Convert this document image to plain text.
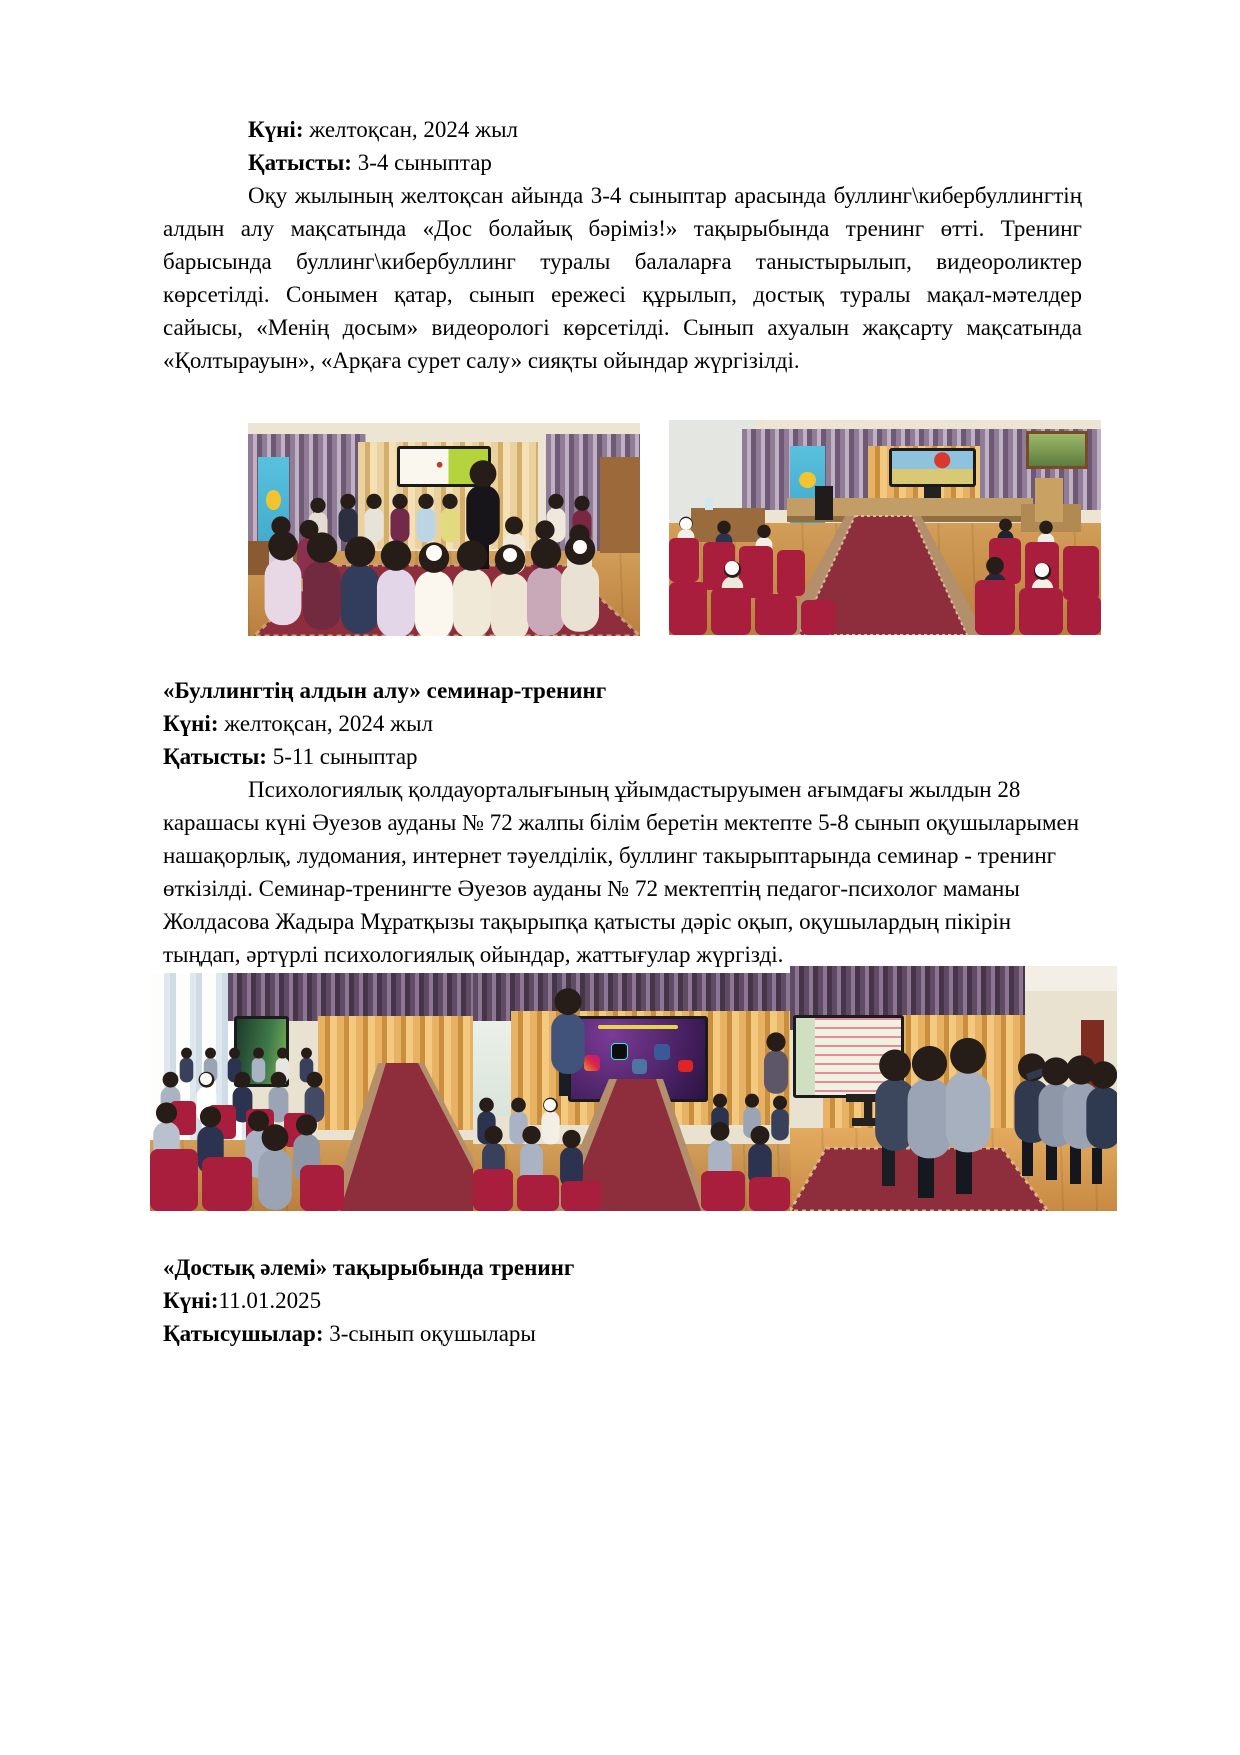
Күні: желтоқсан, 2024 жыл

Қатысты: 3-4 сыныптар

Оқу жылының желтоқсан айында 3-4 сыныптар арасында буллинг\кибербуллингтің алдын алу мақсатында «Дос болайық бәріміз!» тақырыбында тренинг өтті. Тренинг барысында буллинг\кибербуллинг туралы балаларға таныстырылып, видеороликтер көрсетілді. Сонымен қатар, сынып ережесі құрылып, достық туралы мақал-мәтелдер сайысы, «Менің досым» видеорологі көрсетілді. Сынып ахуалын жақсарту мақсатында «Қолтырауын», «Арқаға сурет салу» сияқты ойындар жүргізілді.

«Буллингтің алдын алу» семинар-тренинг

Күні: желтоқсан, 2024 жыл

Қатысты: 5-11 сыныптар

Психологиялық қолдауорталығының ұйымдастыруымен ағымдағы жылдын 28 карашасы күні Әуезов ауданы № 72 жалпы білім беретін мектепте 5-8 сынып оқушыларымен нашақорлық, лудомания, интернет тәуелділік, буллинг такырыптарында семинар - тренинг өткізілді. Семинар-тренингте Әуезов ауданы № 72 мектептің педагог-психолог маманы Жолдасова Жадыра Мұратқызы тақырыпқа қатысты дәріс оқып, оқушылардың пікірін тыңдап, әртүрлі психологиялық ойындар, жаттығулар жүргізді.

«Достық әлемі» тақырыбында тренинг

Күні:11.01.2025

Қатысушылар: 3-сынып оқушылары
